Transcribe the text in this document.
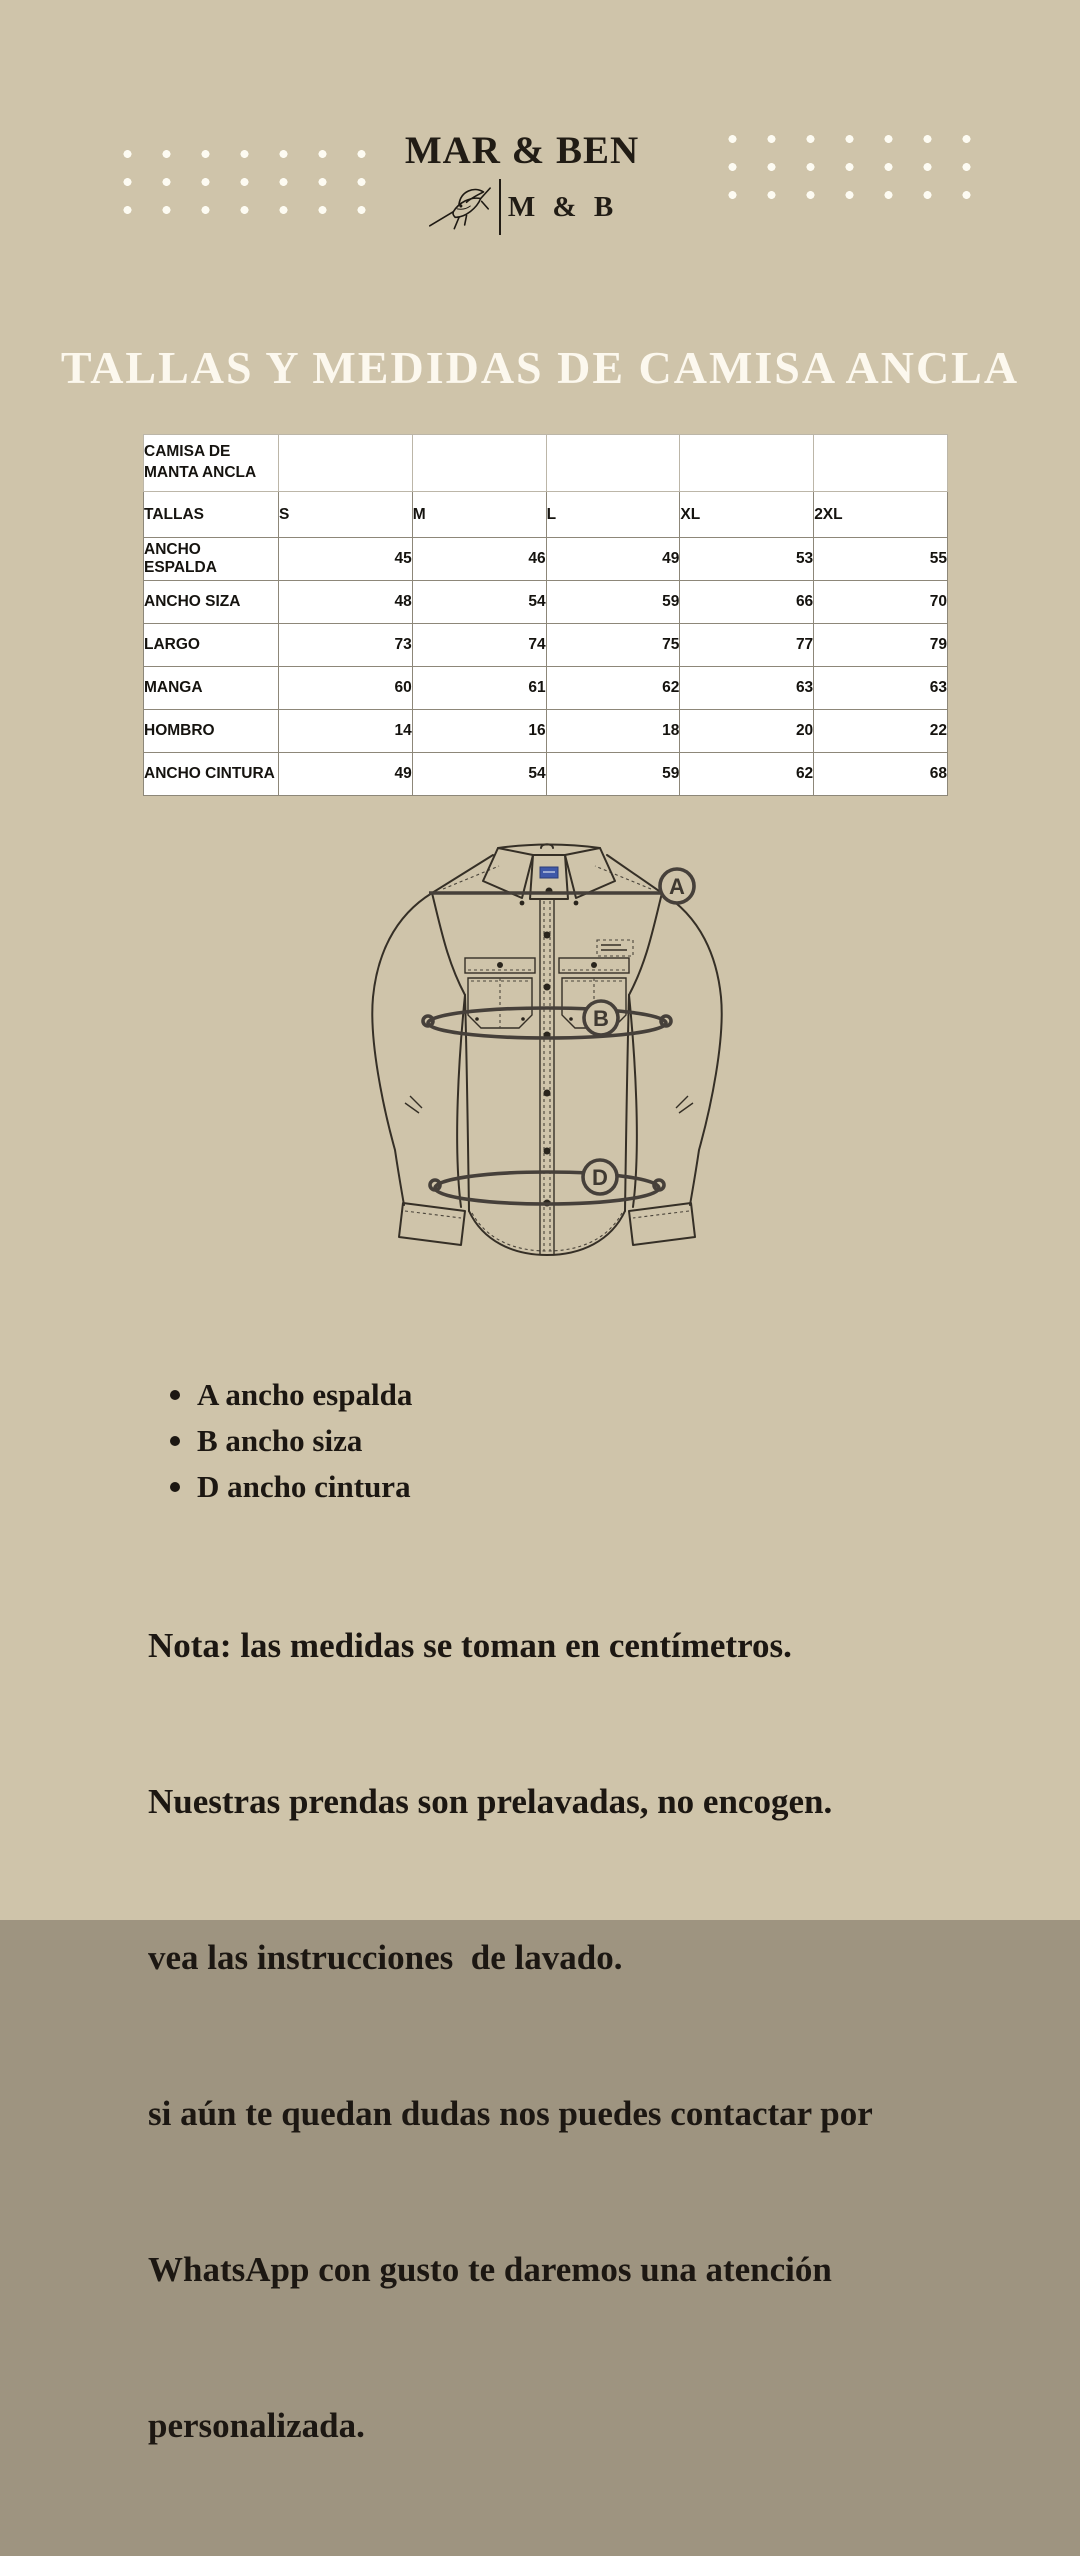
MAR & BEN
M & B
TALLAS Y MEDIDAS DE CAMISA ANCLA
CAMISA DE MANTA ANCLA					
TALLAS	S	M	L	XL	2XL
ANCHO ESPALDA	45	46	49	53	55
ANCHO SIZA	48	54	59	66	70
LARGO	73	74	75	77	79
MANGA	60	61	62	63	63
HOMBRO	14	16	18	20	22
ANCHO CINTURA	49	54	59	62	68
A
B
D
A ancho espalda
B ancho siza
D ancho cintura

Nota: las medidas se toman en centímetros.

Nuestras prendas son prelavadas, no encogen.

vea las instrucciones  de lavado.

si aún te quedan dudas nos puedes contactar por

WhatsApp con gusto te daremos una atención

personalizada.
